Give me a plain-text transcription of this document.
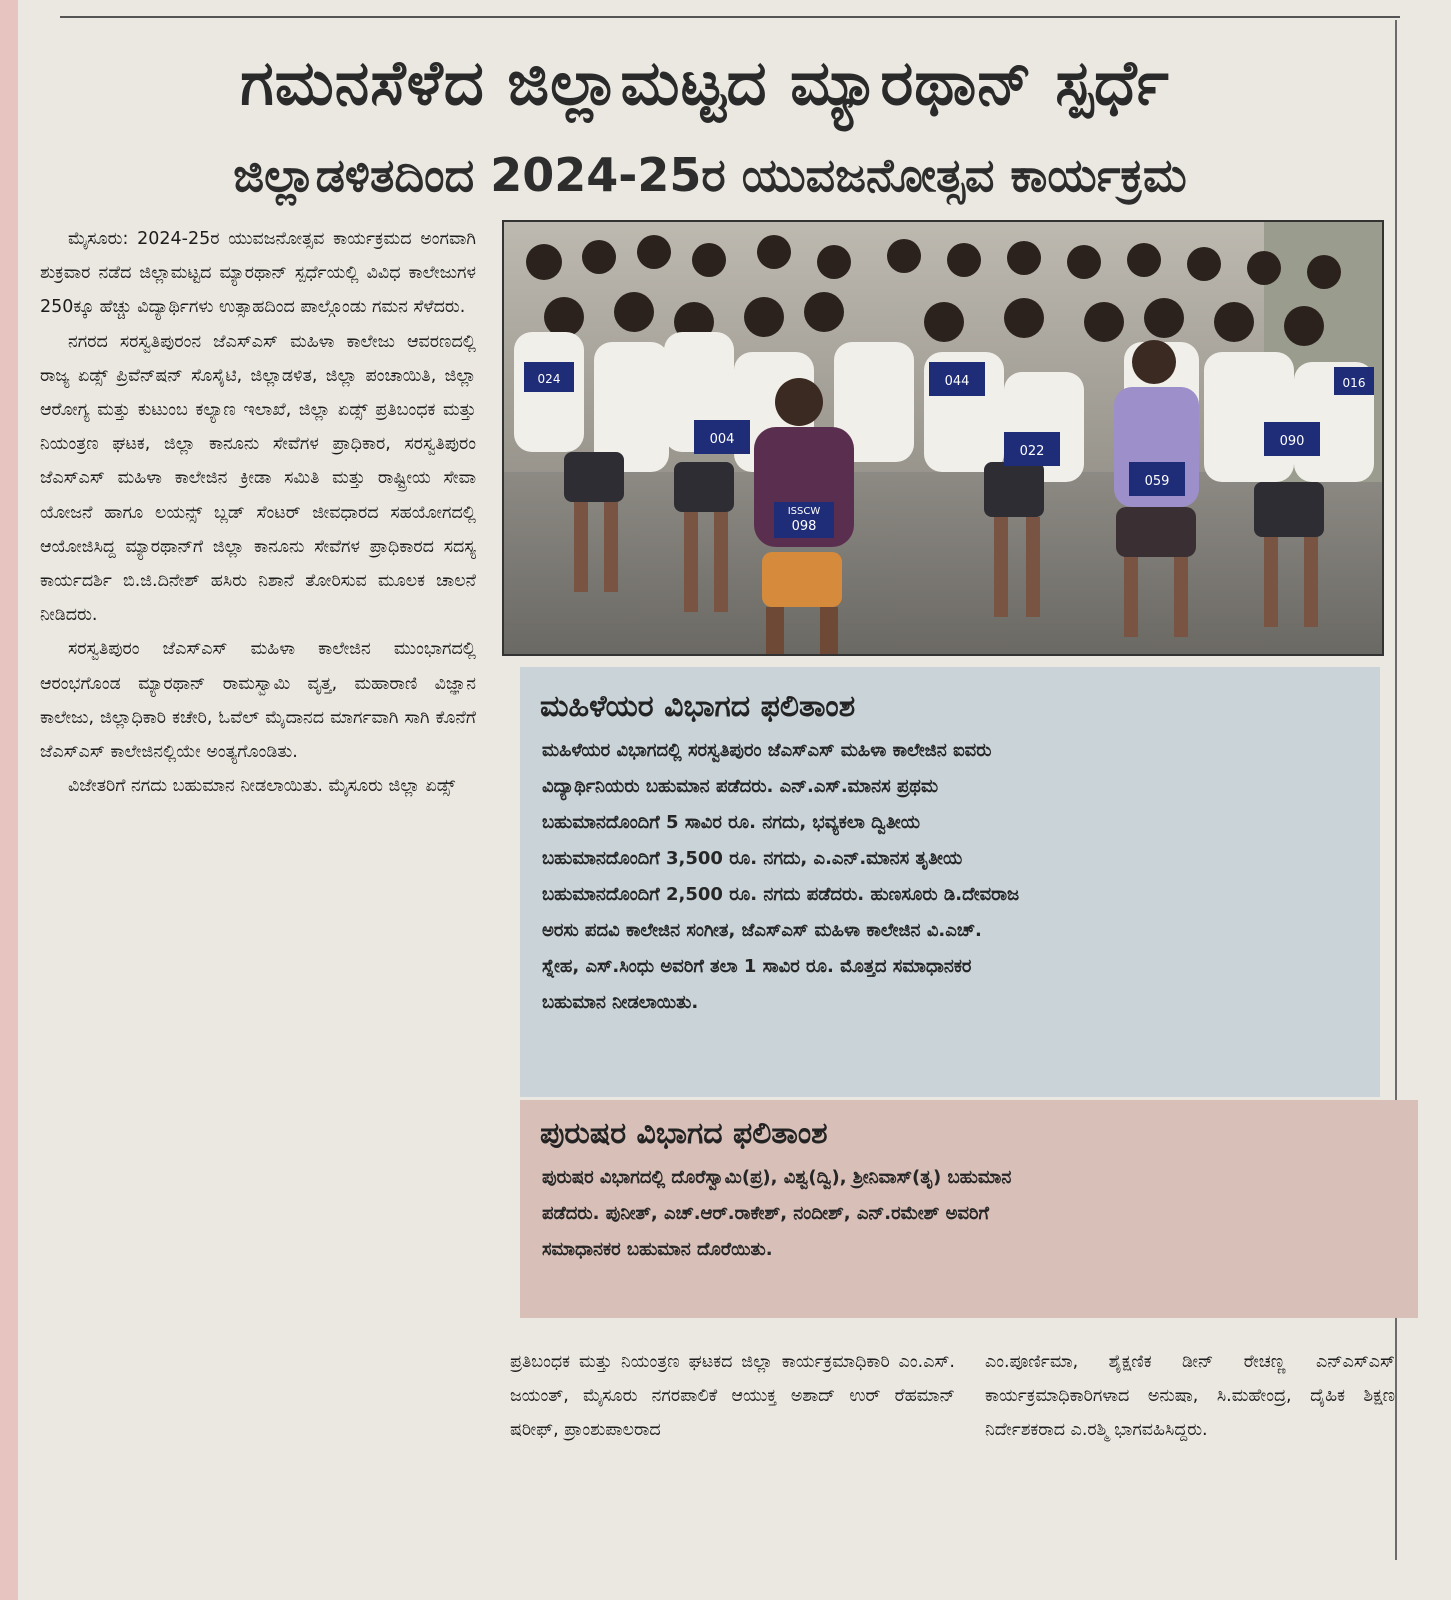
ಗಮನಸೆಳೆದ ಜಿಲ್ಲಾಮಟ್ಟದ ಮ್ಯಾರಥಾನ್ ಸ್ಪರ್ಧೆ
ಜಿಲ್ಲಾಡಳಿತದಿಂದ 2024-25ರ ಯುವಜನೋತ್ಸವ ಕಾರ್ಯಕ್ರಮ

ಮೈಸೂರು: 2024-25ರ ಯುವಜನೋತ್ಸವ ಕಾರ್ಯಕ್ರಮದ ಅಂಗವಾಗಿ ಶುಕ್ರವಾರ ನಡೆದ ಜಿಲ್ಲಾಮಟ್ಟದ ಮ್ಯಾರಥಾನ್ ಸ್ಪರ್ಧೆಯಲ್ಲಿ ವಿವಿಧ ಕಾಲೇಜುಗಳ 250ಕ್ಕೂ ಹೆಚ್ಚು ವಿದ್ಯಾರ್ಥಿಗಳು ಉತ್ಸಾಹದಿಂದ ಪಾಲ್ಗೊಂಡು ಗಮನ ಸೆಳೆದರು.

ನಗರದ ಸರಸ್ವತಿಪುರಂನ ಜೆಎಸ್‌ಎಸ್ ಮಹಿಳಾ ಕಾಲೇಜು ಆವರಣದಲ್ಲಿ ರಾಜ್ಯ ಏಡ್ಸ್ ಪ್ರಿವೆನ್‌ಷನ್ ಸೊಸೈಟಿ, ಜಿಲ್ಲಾಡಳಿತ, ಜಿಲ್ಲಾ ಪಂಚಾಯಿತಿ, ಜಿಲ್ಲಾ ಆರೋಗ್ಯ ಮತ್ತು ಕುಟುಂಬ ಕಲ್ಯಾಣ ಇಲಾಖೆ, ಜಿಲ್ಲಾ ಏಡ್ಸ್ ಪ್ರತಿಬಂಧಕ ಮತ್ತು ನಿಯಂತ್ರಣ ಘಟಕ, ಜಿಲ್ಲಾ ಕಾನೂನು ಸೇವೆಗಳ ಪ್ರಾಧಿಕಾರ, ಸರಸ್ವತಿಪುರಂ ಜೆಎಸ್‌ಎಸ್ ಮಹಿಳಾ ಕಾಲೇಜಿನ ಕ್ರೀಡಾ ಸಮಿತಿ ಮತ್ತು ರಾಷ್ಟ್ರೀಯ ಸೇವಾ ಯೋಜನೆ ಹಾಗೂ ಲಯನ್ಸ್ ಬ್ಲಡ್ ಸೆಂಟರ್ ಜೀವಧಾರದ ಸಹಯೋಗದಲ್ಲಿ ಆಯೋಜಿಸಿದ್ದ ಮ್ಯಾರಥಾನ್‌ಗೆ ಜಿಲ್ಲಾ ಕಾನೂನು ಸೇವೆಗಳ ಪ್ರಾಧಿಕಾರದ ಸದಸ್ಯ ಕಾರ್ಯದರ್ಶಿ ಬಿ.ಜಿ.ದಿನೇಶ್ ಹಸಿರು ನಿಶಾನೆ ತೋರಿಸುವ ಮೂಲಕ ಚಾಲನೆ ನೀಡಿದರು.

ಸರಸ್ವತಿಪುರಂ ಜೆಎಸ್‌ಎಸ್ ಮಹಿಳಾ ಕಾಲೇಜಿನ ಮುಂಭಾಗದಲ್ಲಿ ಆರಂಭಗೊಂಡ ಮ್ಯಾರಥಾನ್ ರಾಮಸ್ವಾಮಿ ವೃತ್ತ, ಮಹಾರಾಣಿ ವಿಜ್ಞಾನ ಕಾಲೇಜು, ಜಿಲ್ಲಾಧಿಕಾರಿ ಕಚೇರಿ, ಓವೆಲ್ ಮೈದಾನದ ಮಾರ್ಗವಾಗಿ ಸಾಗಿ ಕೊನೆಗೆ ಜೆಎಸ್‌ಎಸ್ ಕಾಲೇಜಿನಲ್ಲಿಯೇ ಅಂತ್ಯಗೊಂಡಿತು.

ವಿಜೇತರಿಗೆ ನಗದು ಬಹುಮಾನ ನೀಡಲಾಯಿತು. ಮೈಸೂರು ಜಿಲ್ಲಾ ಏಡ್ಸ್

044
004
022
059
090
024	016
ISSCW
098
ಮಹಿಳೆಯರ ವಿಭಾಗದ ಫಲಿತಾಂಶ
ಮಹಿಳೆಯರ ವಿಭಾಗದಲ್ಲಿ ಸರಸ್ವತಿಪುರಂ ಜೆಎಸ್‌ಎಸ್ ಮಹಿಳಾ ಕಾಲೇಜಿನ ಐವರು
ವಿದ್ಯಾರ್ಥಿನಿಯರು ಬಹುಮಾನ ಪಡೆದರು. ಎನ್.ಎಸ್.ಮಾನಸ ಪ್ರಥಮ
ಬಹುಮಾನದೊಂದಿಗೆ 5 ಸಾವಿರ ರೂ. ನಗದು, ಭವ್ಯಕಲಾ ದ್ವಿತೀಯ
ಬಹುಮಾನದೊಂದಿಗೆ 3,500 ರೂ. ನಗದು, ಎ.ಎನ್.ಮಾನಸ ತೃತೀಯ
ಬಹುಮಾನದೊಂದಿಗೆ 2,500 ರೂ. ನಗದು ಪಡೆದರು. ಹುಣಸೂರು ಡಿ.ದೇವರಾಜ
ಅರಸು ಪದವಿ ಕಾಲೇಜಿನ ಸಂಗೀತ, ಜೆಎಸ್‌ಎಸ್ ಮಹಿಳಾ ಕಾಲೇಜಿನ ವಿ.ಎಚ್.
ಸ್ನೇಹ, ಎಸ್.ಸಿಂಧು ಅವರಿಗೆ ತಲಾ 1 ಸಾವಿರ ರೂ. ಮೊತ್ತದ ಸಮಾಧಾನಕರ
ಬಹುಮಾನ ನೀಡಲಾಯಿತು.
ಪುರುಷರ ವಿಭಾಗದ ಫಲಿತಾಂಶ
ಪುರುಷರ ವಿಭಾಗದಲ್ಲಿ ದೊರೆಸ್ವಾಮಿ(ಪ್ರ), ವಿಶ್ವ(ದ್ವಿ), ಶ್ರೀನಿವಾಸ್(ತೃ) ಬಹುಮಾನ
ಪಡೆದರು. ಪುನೀತ್, ಎಚ್.ಆರ್.ರಾಕೇಶ್, ನಂದೀಶ್, ಎನ್.ರಮೇಶ್ ಅವರಿಗೆ
ಸಮಾಧಾನಕರ ಬಹುಮಾನ ದೊರೆಯಿತು.

ಪ್ರತಿಬಂಧಕ ಮತ್ತು ನಿಯಂತ್ರಣ ಘಟಕದ ಜಿಲ್ಲಾ ಕಾರ್ಯಕ್ರಮಾಧಿಕಾರಿ ಎಂ.ಎಸ್. ಜಯಂತ್, ಮೈಸೂರು ನಗರಪಾಲಿಕೆ ಆಯುಕ್ತ ಅಶಾದ್ ಉರ್ ರೆಹಮಾನ್ ಷರೀಫ್, ಪ್ರಾಂಶುಪಾಲರಾದ

ಎಂ.ಪೂರ್ಣಿಮಾ, ಶೈಕ್ಷಣಿಕ ಡೀನ್ ರೇಚಣ್ಣ ಎನ್‌ಎಸ್‌ಎಸ್ ಕಾರ್ಯಕ್ರಮಾಧಿಕಾರಿಗಳಾದ ಅನುಷಾ, ಸಿ.ಮಹೇಂದ್ರ, ದೈಹಿಕ ಶಿಕ್ಷಣ ನಿರ್ದೇಶಕರಾದ ಎ.ರಶ್ಮಿ ಭಾಗವಹಿಸಿದ್ದರು.
